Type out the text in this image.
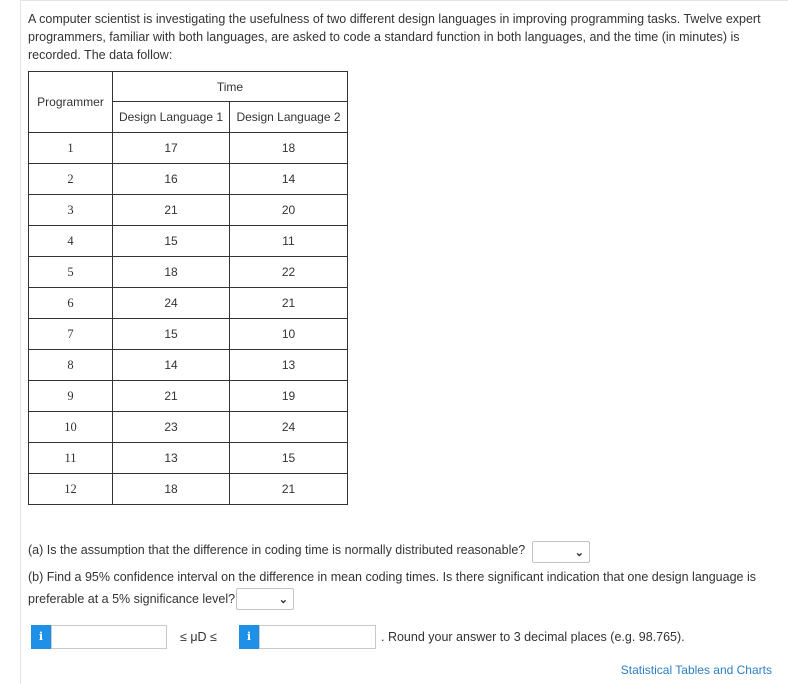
A computer scientist is investigating the usefulness of two different design languages in improving programming tasks. Twelve expert programmers, familiar with both languages, are asked to code a standard function in both languages, and the time (in minutes) is recorded. The data follow:
Programmer	Time	
	Design Language 1	Design Language 2
1	17	18
2	16	14
3	21	20
4	15	11
5	18	22
6	24	21
7	15	10
8	14	13
9	21	19
10	23	24
11	13	15
12	18	21
(a) Is the assumption that the difference in coding time is normally distributed reasonable?	⌄
(b) Find a 95% confidence interval on the difference in mean coding times. Is there significant indication that one design language is
preferable at a 5% significance level?	⌄
i	≤ μD ≤	i	. Round your answer to 3 decimal places (e.g. 98.765).
Statistical Tables and Charts
